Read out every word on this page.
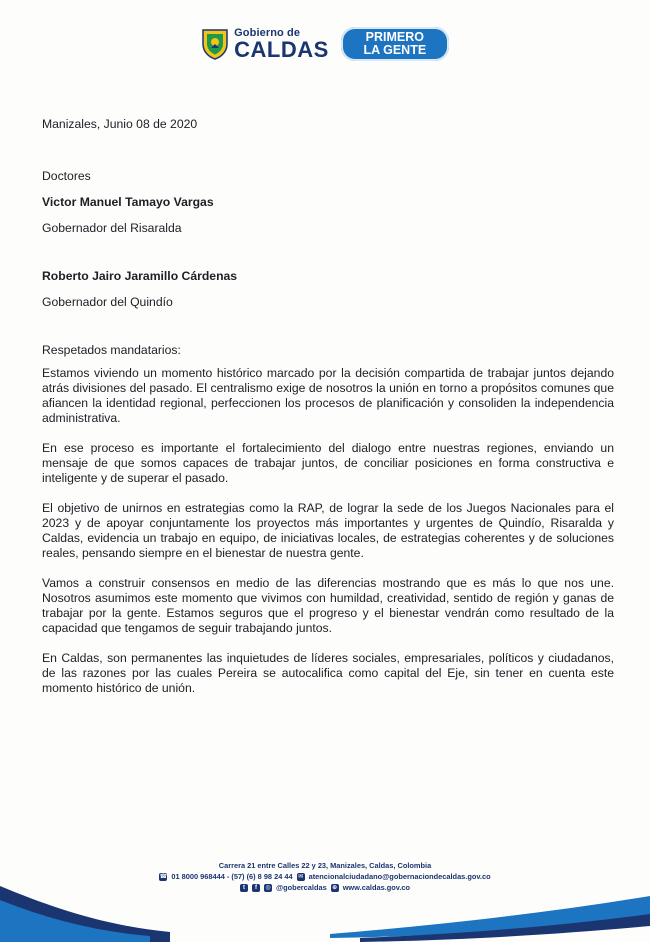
Gobierno de
CALDAS	PRIMERO
LA GENTE

Manizales, Junio 08 de 2020

Doctores

Victor Manuel Tamayo Vargas

Gobernador del Risaralda

Roberto Jairo Jaramillo Cárdenas

Gobernador del Quindío

Respetados mandatarios:

Estamos viviendo un momento histórico marcado por la decisión compartida de trabajar juntos dejando atrás divisiones del pasado. El centralismo exige de nosotros la unión en torno a propósitos comunes que afiancen la identidad regional, perfeccionen los procesos de planificación y consoliden la independencia administrativa.

En ese proceso es importante el fortalecimiento del dialogo entre nuestras regiones, enviando un mensaje de que somos capaces de trabajar juntos, de conciliar posiciones en forma constructiva e inteligente y de superar el pasado.

El objetivo de unirnos en estrategias como la RAP, de lograr la sede de los Juegos Nacionales para el 2023 y de apoyar conjuntamente los proyectos más importantes y urgentes de Quindío, Risaralda y Caldas, evidencia un trabajo en equipo, de iniciativas locales, de estrategias coherentes y de soluciones reales, pensando siempre en el bienestar de nuestra gente.

Vamos a construir consensos en medio de las diferencias mostrando que es más lo que nos une. Nosotros asumimos este momento que vivimos con humildad, creatividad, sentido de región y ganas de trabajar por la gente. Estamos seguros que el progreso y el bienestar vendrán como resultado de la capacidad que tengamos de seguir trabajando juntos.

En Caldas, son permanentes las inquietudes de líderes sociales, empresariales, políticos y ciudadanos, de las razones por las cuales Pereira se autocalifica como capital del Eje, sin tener en cuenta este momento histórico de unión.

Carrera 21 entre Calles 22 y 23, Manizales, Caldas, Colombia
☎ 01 8000 968444 - (57) (6) 8 98 24 44 ✉ atencionalciudadano@gobernaciondecaldas.gov.co
t	f	◎ @gobercaldas ⊕ www.caldas.gov.co
